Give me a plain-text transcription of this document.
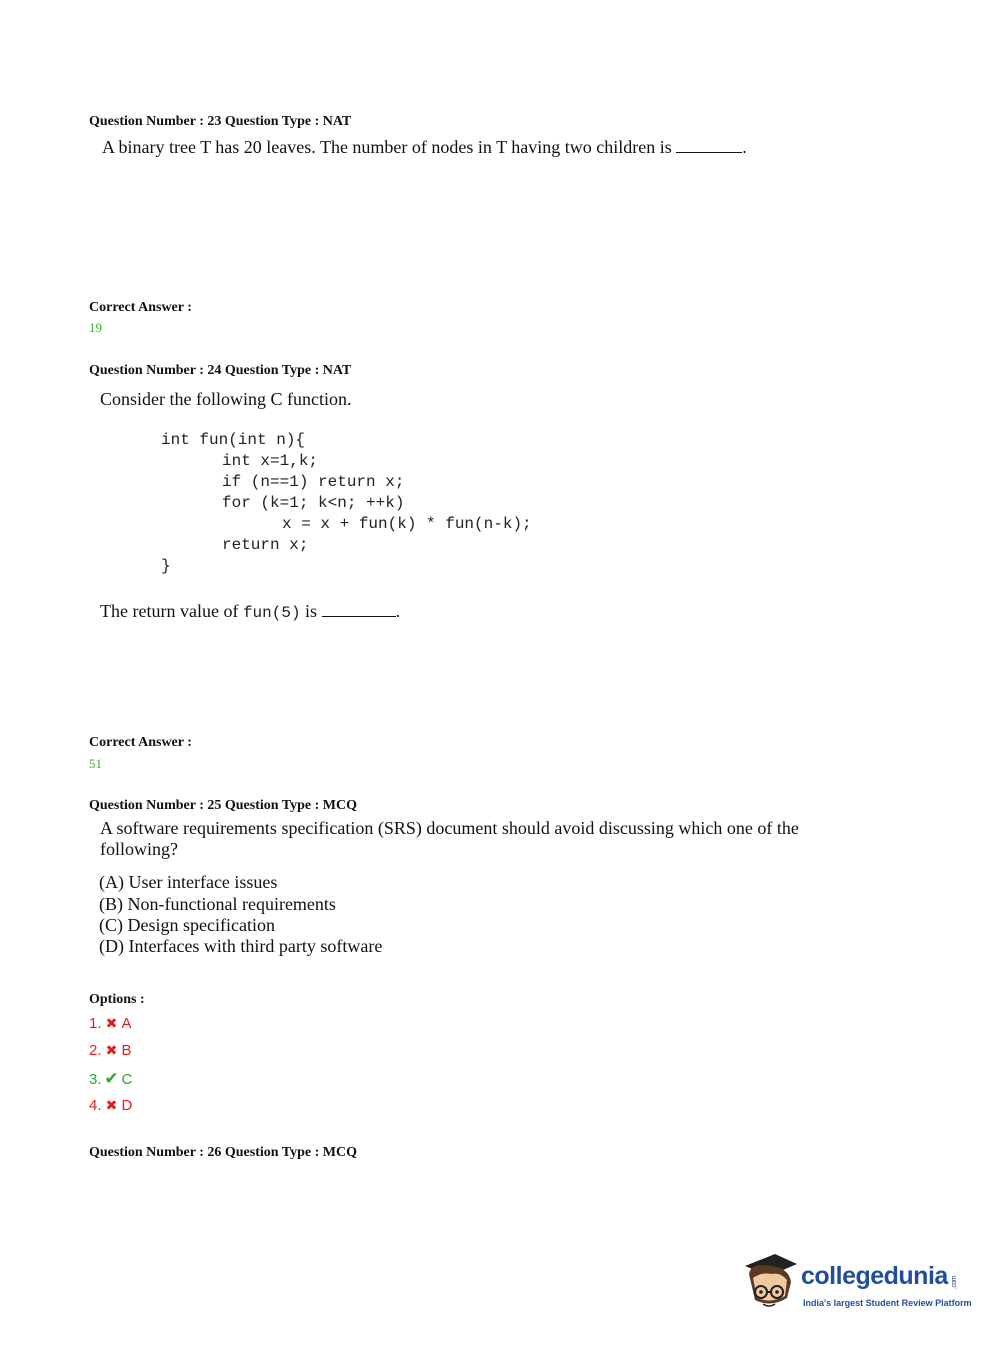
Question Number : 23 Question Type : NAT
A binary tree T has 20 leaves. The number of nodes in T having two children is	.
Correct Answer :
19
Question Number : 24 Question Type : NAT
Consider the following C function.
int fun(int n){
int x=1,k;
if (n==1) return x;
for (k=1; k<n; ++k)
x = x + fun(k) * fun(n-k);
return x;
}
The return value of fun(5) is	.
Correct Answer :
51
Question Number : 25 Question Type : MCQ
A software requirements specification (SRS) document should avoid discussing which one of the
following?
(A) User interface issues
(B) Non-functional requirements
(C) Design specification
(D) Interfaces with third party software
Options :
1. ✖ A
2. ✖ B
3. ✔ C
4. ✖ D
Question Number : 26 Question Type : MCQ
collegedunia .com
India's largest Student Review Platform
